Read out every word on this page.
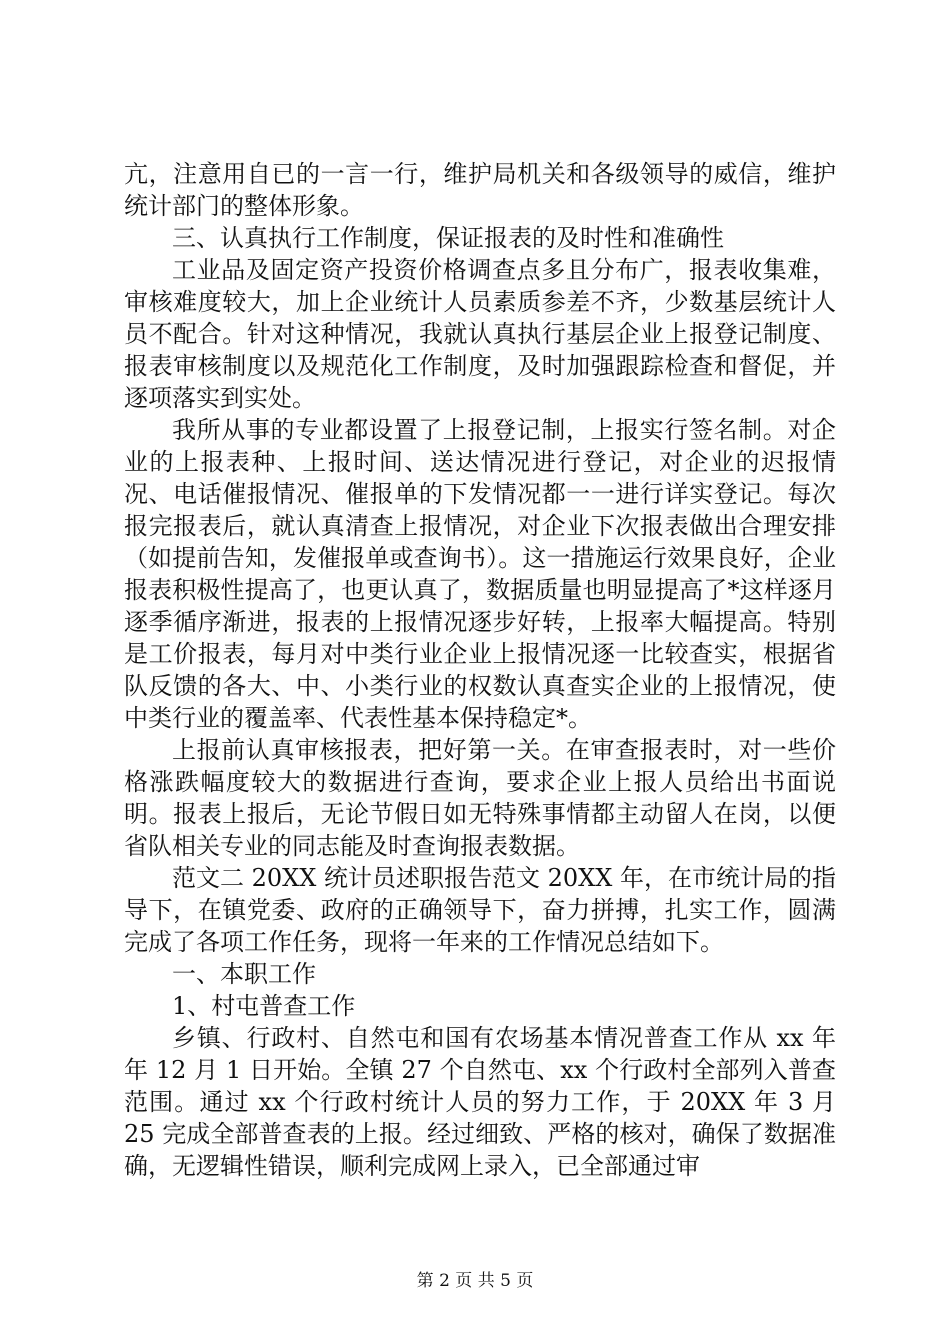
亢，注意用自已的一言一行，维护局机关和各级领导的威信，维护统计部门的整体形象。

三、认真执行工作制度，保证报表的及时性和准确性

工业品及固定资产投资价格调查点多且分布广，报表收集难，审核难度较大，加上企业统计人员素质参差不齐，少数基层统计人员不配合。针对这种情况，我就认真执行基层企业上报登记制度、报表审核制度以及规范化工作制度，及时加强跟踪检查和督促，并逐项落实到实处。

我所从事的专业都设置了上报登记制，上报实行签名制。对企业的上报表种、上报时间、送达情况进行登记，对企业的迟报情况、电话催报情况、催报单的下发情况都一一进行详实登记。每次报完报表后，就认真清查上报情况，对企业下次报表做出合理安排（如提前告知，发催报单或查询书）。这一措施运行效果良好，企业报表积极性提高了，也更认真了，数据质量也明显提高了*这样逐月逐季循序渐进，报表的上报情况逐步好转，上报率大幅提高。特别是工价报表，每月对中类行业企业上报情况逐一比较查实，根据省队反馈的各大、中、小类行业的权数认真查实企业的上报情况，使中类行业的覆盖率、代表性基本保持稳定*。

上报前认真审核报表，把好第一关。在审查报表时，对一些价格涨跌幅度较大的数据进行查询，要求企业上报人员给出书面说明。报表上报后，无论节假日如无特殊事情都主动留人在岗，以便省队相关专业的同志能及时查询报表数据。

范文二 20XX 统计员述职报告范文 20XX 年，在市统计局的指导下，在镇党委、政府的正确领导下，奋力拼搏，扎实工作，圆满完成了各项工作任务，现将一年来的工作情况总结如下。

一、本职工作

1、村屯普查工作

乡镇、行政村、自然屯和国有农场基本情况普查工作从 xx 年年 12 月 1 日开始。全镇 27 个自然屯、xx 个行政村全部列入普查范围。通过 xx 个行政村统计人员的努力工作，于 20XX 年 3 月 25 完成全部普查表的上报。经过细致、严格的核对，确保了数据准确，无逻辑性错误，顺利完成网上录入，已全部通过审

第 2 页 共 5 页
